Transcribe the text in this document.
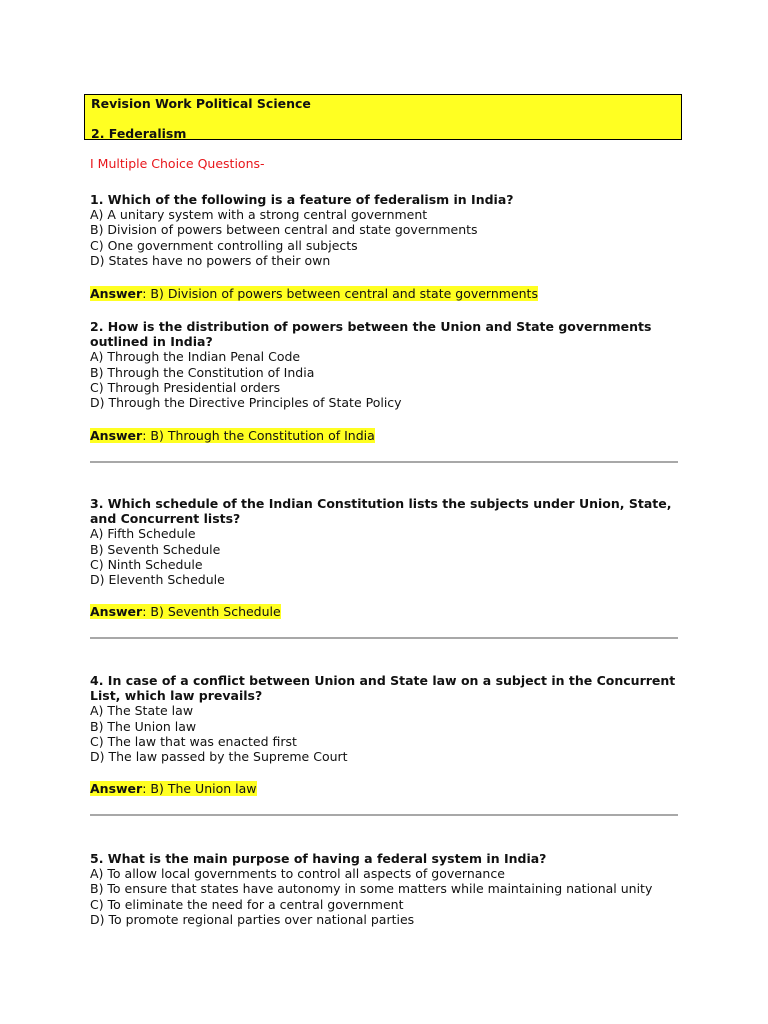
Revision Work Political Science
2. Federalism
I Multiple Choice Questions-
1. Which of the following is a feature of federalism in India?
A) A unitary system with a strong central government
B) Division of powers between central and state governments
C) One government controlling all subjects
D) States have no powers of their own
Answer: B) Division of powers between central and state governments
2. How is the distribution of powers between the Union and State governments outlined in India?
A) Through the Indian Penal Code
B) Through the Constitution of India
C) Through Presidential orders
D) Through the Directive Principles of State Policy
Answer: B) Through the Constitution of India
3. Which schedule of the Indian Constitution lists the subjects under Union, State, and Concurrent lists?
A) Fifth Schedule
B) Seventh Schedule
C) Ninth Schedule
D) Eleventh Schedule
Answer: B) Seventh Schedule
4. In case of a conflict between Union and State law on a subject in the Concurrent List, which law prevails?
A) The State law
B) The Union law
C) The law that was enacted first
D) The law passed by the Supreme Court
Answer: B) The Union law
5. What is the main purpose of having a federal system in India?
A) To allow local governments to control all aspects of governance
B) To ensure that states have autonomy in some matters while maintaining national unity
C) To eliminate the need for a central government
D) To promote regional parties over national parties
